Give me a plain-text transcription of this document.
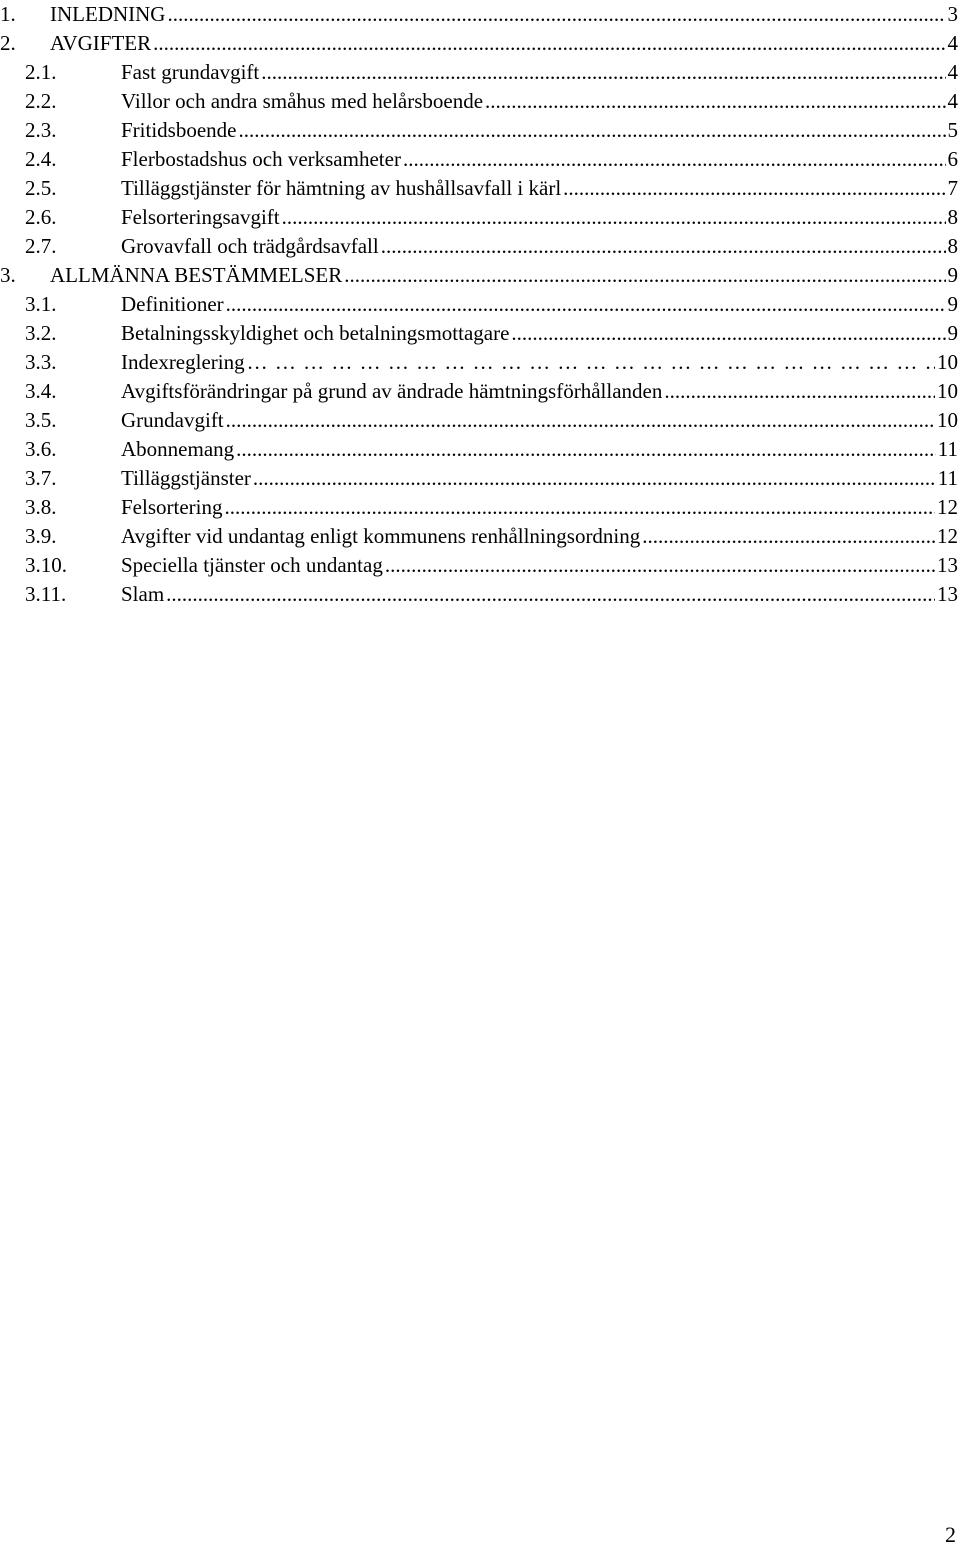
1. INLEDNING .....	3
2. AVGIFTER .....	4
2.1.	Fast grundavgift .....	4
2.2.	Villor och andra småhus med helårsboende .....	4
2.3.	Fritidsboende .....	5
2.4.	Flerbostadshus och verksamheter .....	6
2.5.	Tilläggstjänster för hämtning av hushållsavfall i kärl .....	7
2.6.	Felsorteringsavgift .....	8
2.7.	Grovavfall och trädgårdsavfall .....	8
3. ALLMÄNNA BESTÄMMELSER .....	9
3.1.	Definitioner .....	9
3.2.	Betalningsskyldighet och betalningsmottagare .....	9
3.3.	Indexreglering … … … … … … … … … … … … … … … … … … … … … … … … … … … … … … … … … … … … … … … … … … … … … … … … …	10
3.4.	Avgiftsförändringar på grund av ändrade hämtningsförhållanden .....	10
3.5.	Grundavgift .....	10
3.6.	Abonnemang .....	11
3.7.	Tilläggstjänster .....	11
3.8.	Felsortering .....	12
3.9.	Avgifter vid undantag enligt kommunens renhållningsordning .....	12
3.10.	Speciella tjänster och undantag .....	13
3.11.	Slam .....	13
2
